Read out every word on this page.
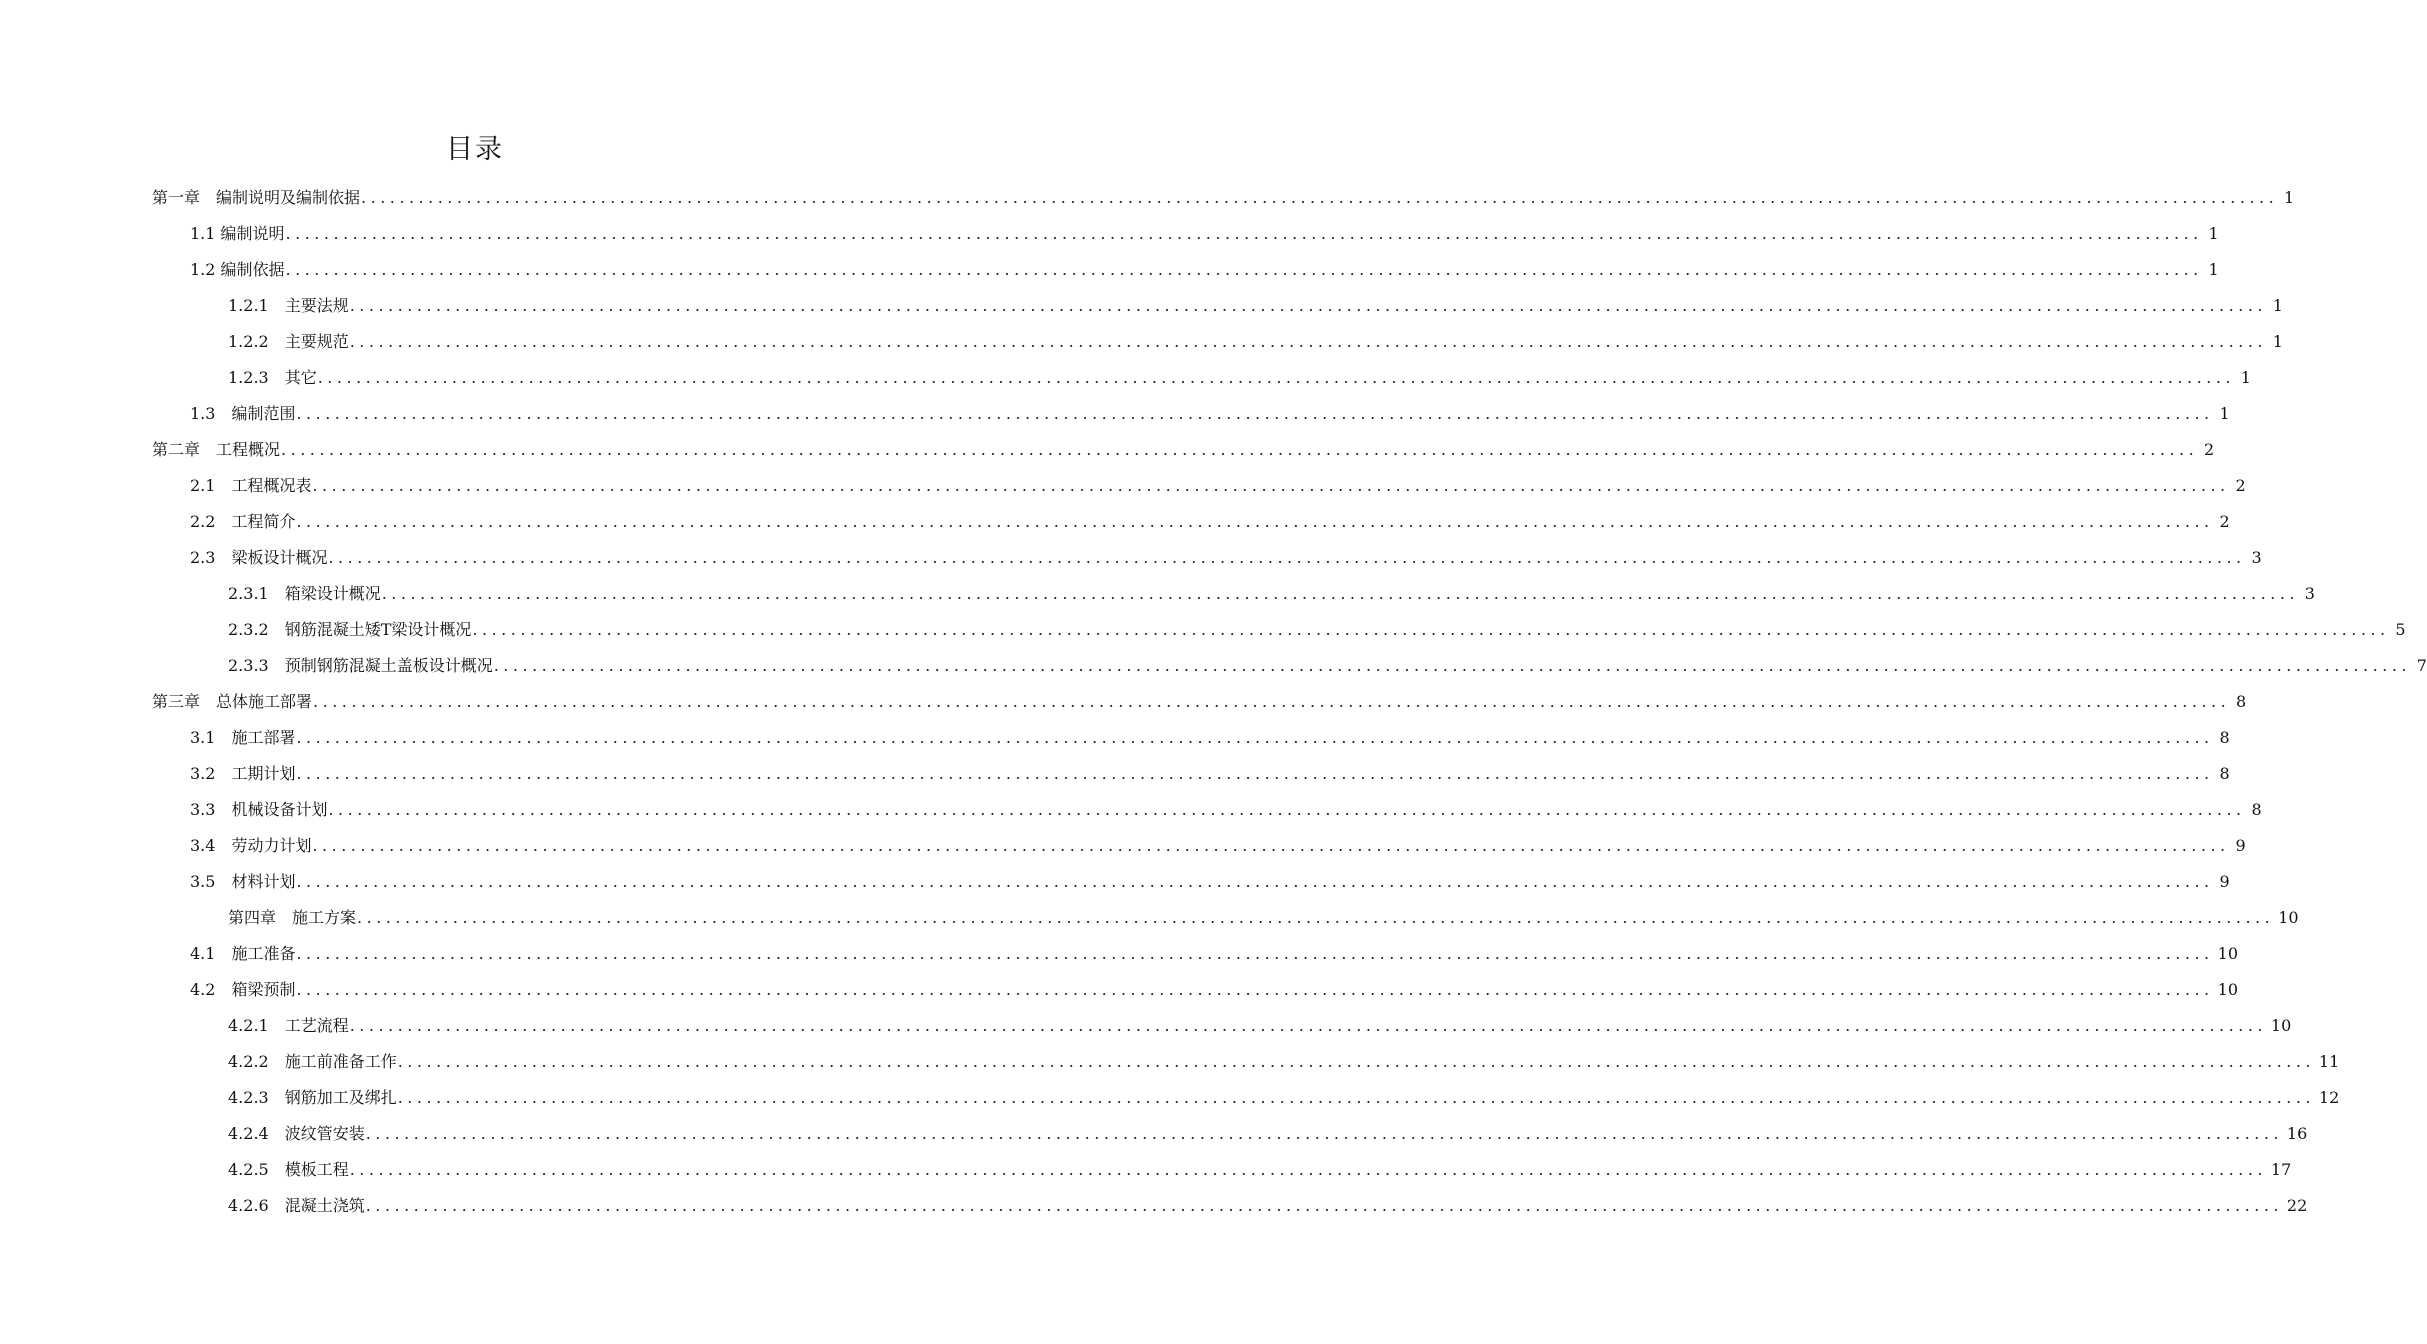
目录
第一章　编制说明及编制依据 ........................................................................................................................................................................................................ 1
1.1 编制说明 ........................................................................................................................................................................................................ 1
1.2 编制依据 ........................................................................................................................................................................................................ 1
1.2.1　主要法规 ........................................................................................................................................................................................................ 1
1.2.2　主要规范 ........................................................................................................................................................................................................ 1
1.2.3　其它 ........................................................................................................................................................................................................ 1
1.3　编制范围 ........................................................................................................................................................................................................ 1
第二章　工程概况 ........................................................................................................................................................................................................ 2
2.1　工程概况表 ........................................................................................................................................................................................................ 2
2.2　工程简介 ........................................................................................................................................................................................................ 2
2.3　梁板设计概况 ........................................................................................................................................................................................................ 3
2.3.1　箱梁设计概况 ........................................................................................................................................................................................................ 3
2.3.2　钢筋混凝土矮T梁设计概况 ........................................................................................................................................................................................................ 5
2.3.3　预制钢筋混凝土盖板设计概况 ........................................................................................................................................................................................................ 7
第三章　总体施工部署 ........................................................................................................................................................................................................ 8
3.1　施工部署 ........................................................................................................................................................................................................ 8
3.2　工期计划 ........................................................................................................................................................................................................ 8
3.3　机械设备计划 ........................................................................................................................................................................................................ 8
3.4　劳动力计划 ........................................................................................................................................................................................................ 9
3.5　材料计划 ........................................................................................................................................................................................................ 9
第四章　施工方案 ........................................................................................................................................................................................................ 10
4.1　施工准备 ........................................................................................................................................................................................................ 10
4.2　箱梁预制 ........................................................................................................................................................................................................ 10
4.2.1　工艺流程 ........................................................................................................................................................................................................ 10
4.2.2　施工前准备工作 ........................................................................................................................................................................................................ 11
4.2.3　钢筋加工及绑扎 ........................................................................................................................................................................................................ 12
4.2.4　波纹管安装 ........................................................................................................................................................................................................ 16
4.2.5　模板工程 ........................................................................................................................................................................................................ 17
4.2.6　混凝土浇筑 ........................................................................................................................................................................................................ 22
